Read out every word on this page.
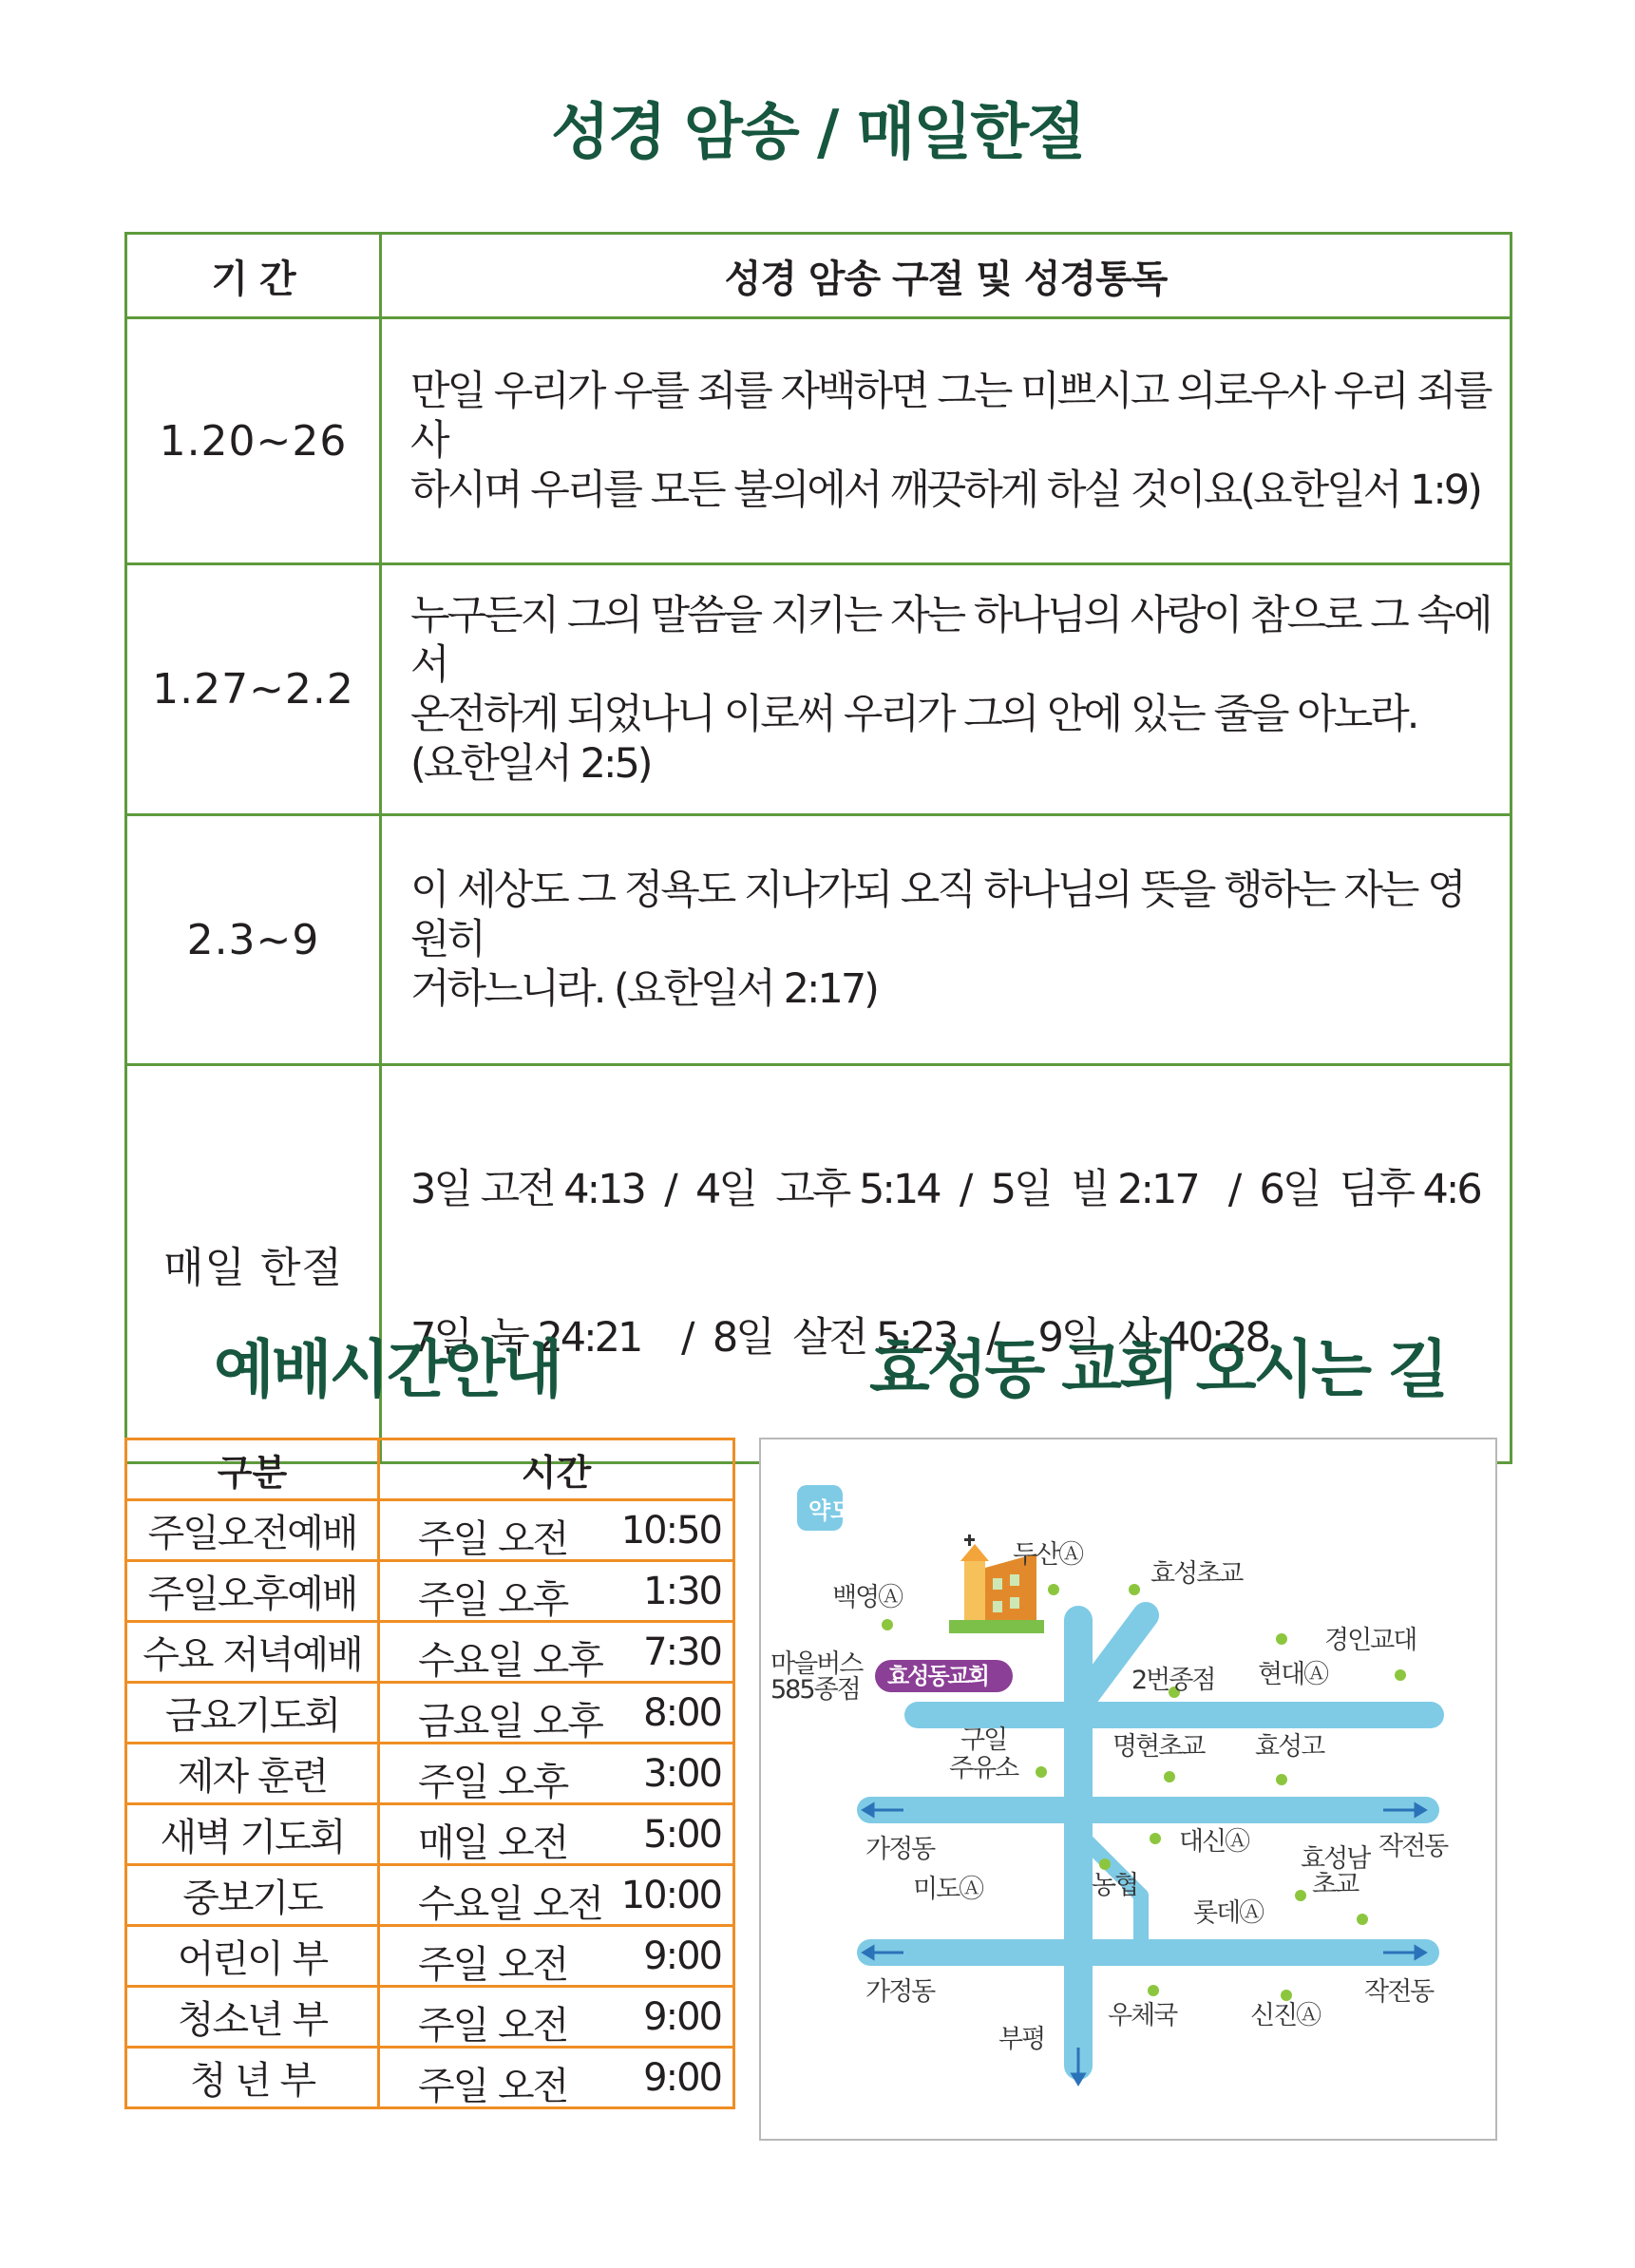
성경 암송 / 매일한절
기 간	성경 암송 구절 및 성경통독
1.20~26	만일 우리가 우를 죄를 자백하면 그는 미쁘시고 의로우사 우리 죄를 사
하시며 우리를 모든 불의에서 깨끗하게 하실 것이요(요한일서 1:9)

1.27~2.2	누구든지 그의 말씀을 지키는 자는 하나님의 사랑이 참으로 그 속에서
온전하게 되었나니 이로써 우리가 그의 안에 있는 줄을 아노라.
(요한일서 2:5)

2.3~9	이 세상도 그 정욕도 지나가되 오직 하나님의 뜻을 행하는 자는 영원히
거하느니라. (요한일서 2:17)

매일 한절	3일 고전 4:13  /  4일  고후 5:14  /  5일  빌 2:17   /  6일  딤후 4:6

7일  눅 24:21    /  8일  살전 5:23   /    9일  사 40:28

예배시간안내	효성동 교회 오시는 길
구분	시간
주일오전예배	주일 오전 10:50

주일오후예배	주일 오후 1:30

수요 저녁예배	수요일 오후 7:30

금요기도회	금요일 오후 8:00

제자 훈련	주일 오후 3:00

새벽 기도회	매일 오전 5:00

중보기도	수요일 오전 10:00

어린이 부	주일 오전 9:00

청소년 부	주일 오전 9:00

청 년 부	주일 오전 9:00
약도
효성동교회
두산Ⓐ
효성초교
백영Ⓐ
경인교대
마을버스
585종점
현대Ⓐ
2번종점
구일
주유소
명현초교 효성고
가정동	작전동
대신Ⓐ
효성남
초교
미도Ⓐ	농협
롯데Ⓐ
가정동	작전동
우체국	신진Ⓐ
부평
